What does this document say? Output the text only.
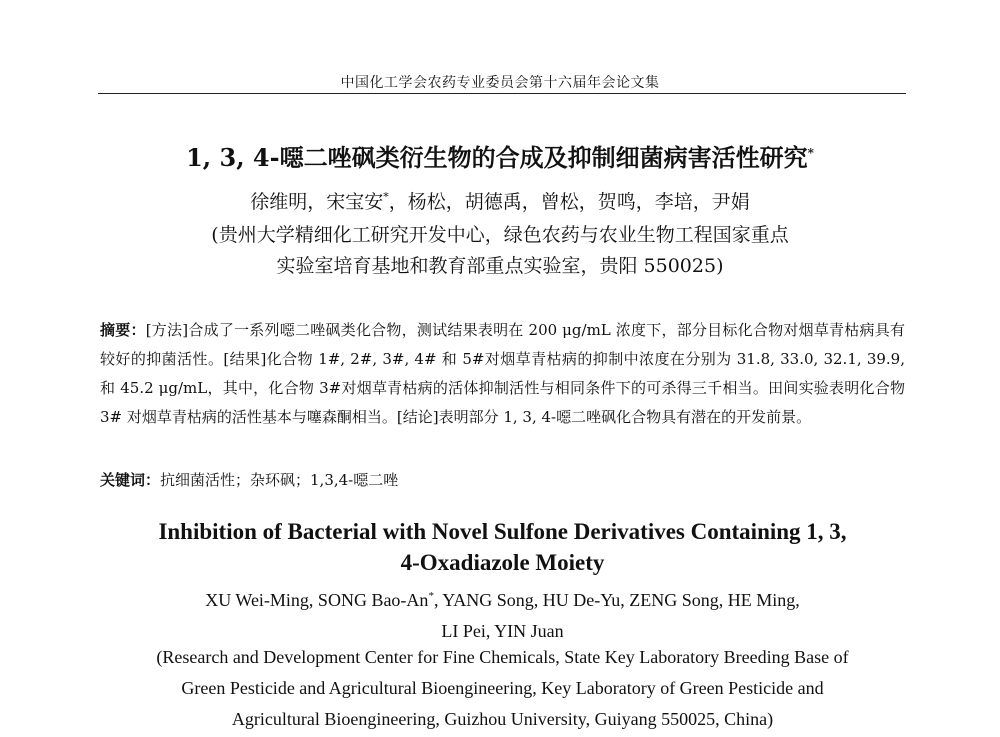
中国化工学会农药专业委员会第十六届年会论文集
1, 3, 4-噁二唑砜类衍生物的合成及抑制细菌病害活性研究*
徐维明，宋宝安*，杨松，胡德禹，曾松，贺鸣，李培，尹娟
(贵州大学精细化工研究开发中心，绿色农药与农业生物工程国家重点
实验室培育基地和教育部重点实验室，贵阳 550025)
摘要：[方法]合成了一系列噁二唑砜类化合物，测试结果表明在 200 μg/mL 浓度下，部分目标化合物对烟草青枯病具有较好的抑菌活性。[结果]化合物 1#, 2#, 3#, 4# 和 5#对烟草青枯病的抑制中浓度在分别为 31.8, 33.0, 32.1, 39.9, 和 45.2 μg/mL，其中，化合物 3#对烟草青枯病的活体抑制活性与相同条件下的可杀得三千相当。田间实验表明化合物 3# 对烟草青枯病的活性基本与噻森酮相当。[结论]表明部分 1, 3, 4-噁二唑砜化合物具有潜在的开发前景。
关键词：抗细菌活性；杂环砜；1,3,4-噁二唑
Inhibition of Bacterial with Novel Sulfone Derivatives Containing 1, 3,
4-Oxadiazole Moiety
XU Wei-Ming, SONG Bao-An*, YANG Song, HU De-Yu, ZENG Song, HE Ming,
LI Pei, YIN Juan
(Research and Development Center for Fine Chemicals, State Key Laboratory Breeding Base of
Green Pesticide and Agricultural Bioengineering, Key Laboratory of Green Pesticide and
Agricultural Bioengineering, Guizhou University, Guiyang 550025, China)
